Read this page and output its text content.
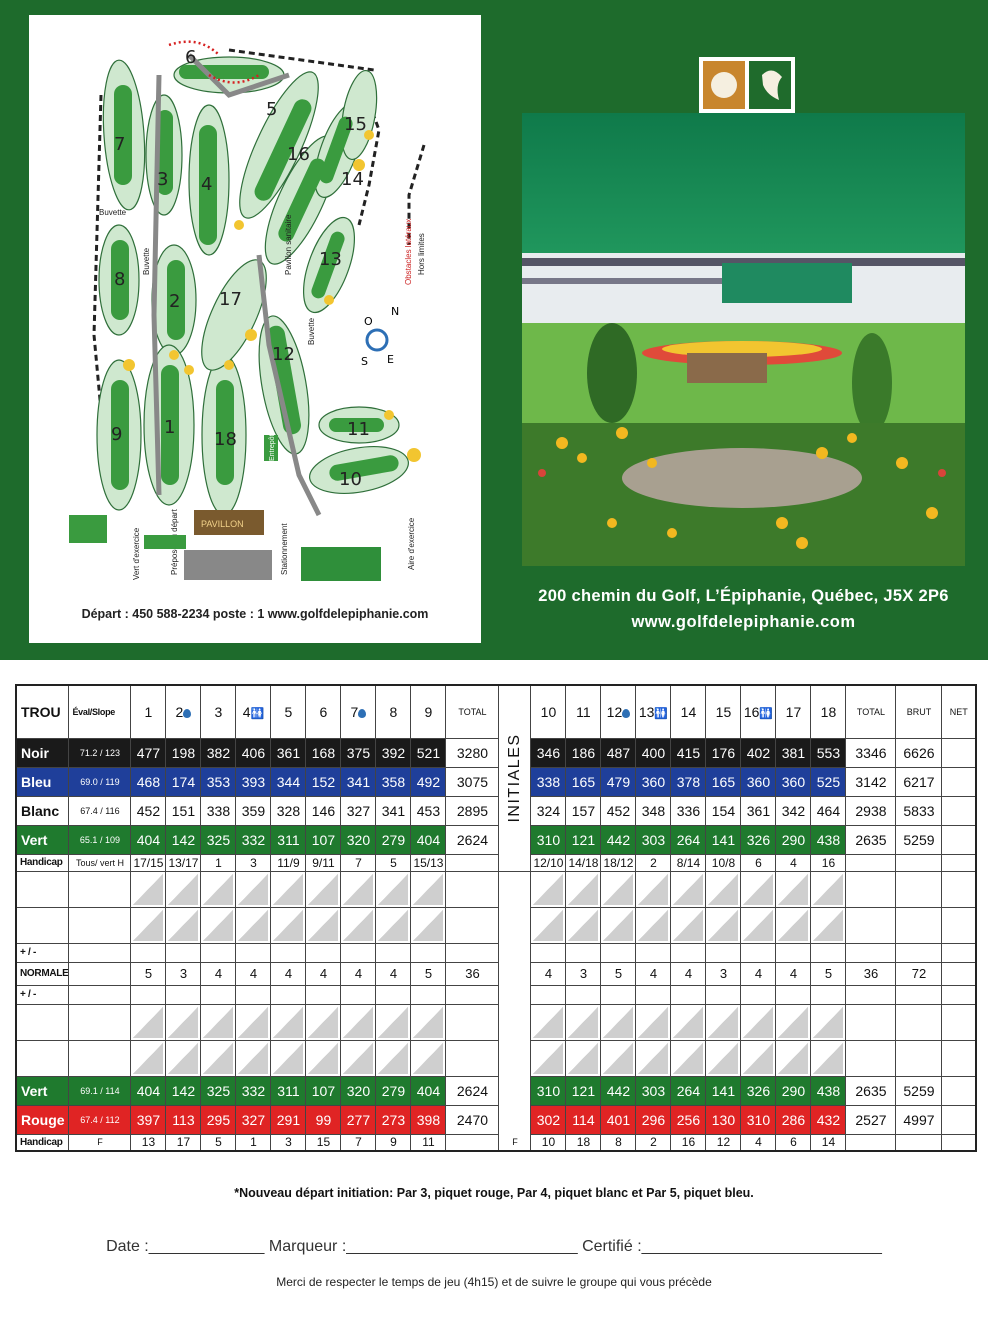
1
2
3 4
5
6
7
8
9
10
11
12
13
14
15
16
17
18
Buvette
Buvette
Buvette
Pavillon sanitaire	Obstacles latéraux Hors limites
Stationnement	Aire d'exercice
Vert d'exercice
O
N
S E
PAVILLON
Entrepôt
Départ : 450 588-2234 poste : 1 www.golfdelepiphanie.com
200 chemin du Golf, L’Épiphanie, Québec, J5X 2P6
www.golfdelepiphanie.com
TROU	Éval/Slope	1	2	3	4🚻	5	6	7	8	9	TOTAL	INITIALES	10	11	12	13🚻	14	15	16🚻	17	18	TOTAL	BRUT	NET
Noir	71.2 / 123	477	198	382	406	361	168	375	392	521	3280		346	186	487	400	415	176	402	381	553	3346	6626	
Bleu	69.0 / 119	468	174	353	393	344	152	341	358	492	3075		338	165	479	360	378	165	360	360	525	3142	6217	
Blanc	67.4 / 116	452	151	338	359	328	146	327	341	453	2895		324	157	452	348	336	154	361	342	464	2938	5833	
Vert	65.1 / 109	404	142	325	332	311	107	320	279	404	2624		310	121	442	303	264	141	326	290	438	2635	5259	
Handicap	Tous/ vert H	17/15	13/17	1	3	11/9	9/11	7	5	15/13			12/10	14/18	18/12	2	8/14	10/8	6	4	16			

+ / -																								
NORMALE		5	3	4	4	4	4	4	4	5	36		4	3	5	4	4	3	4	4	5	36	72	
+ / -																								

Vert	69.1 / 114	404	142	325	332	311	107	320	279	404	2624		310	121	442	303	264	141	326	290	438	2635	5259	
Rouge	67.4 / 112	397	113	295	327	291	99	277	273	398	2470		302	114	401	296	256	130	310	286	432	2527	4997	
Handicap	F	13	17	5	1	3	15	7	9	11		F	10	18	8	2	16	12	4	6	14			
*Nouveau départ initiation: Par 3, piquet rouge, Par 4, piquet blanc et Par 5, piquet bleu.
Date :_____________ Marqueur :__________________________ Certifié :___________________________
Merci de respecter le temps de jeu (4h15) et de suivre le groupe qui vous précède
